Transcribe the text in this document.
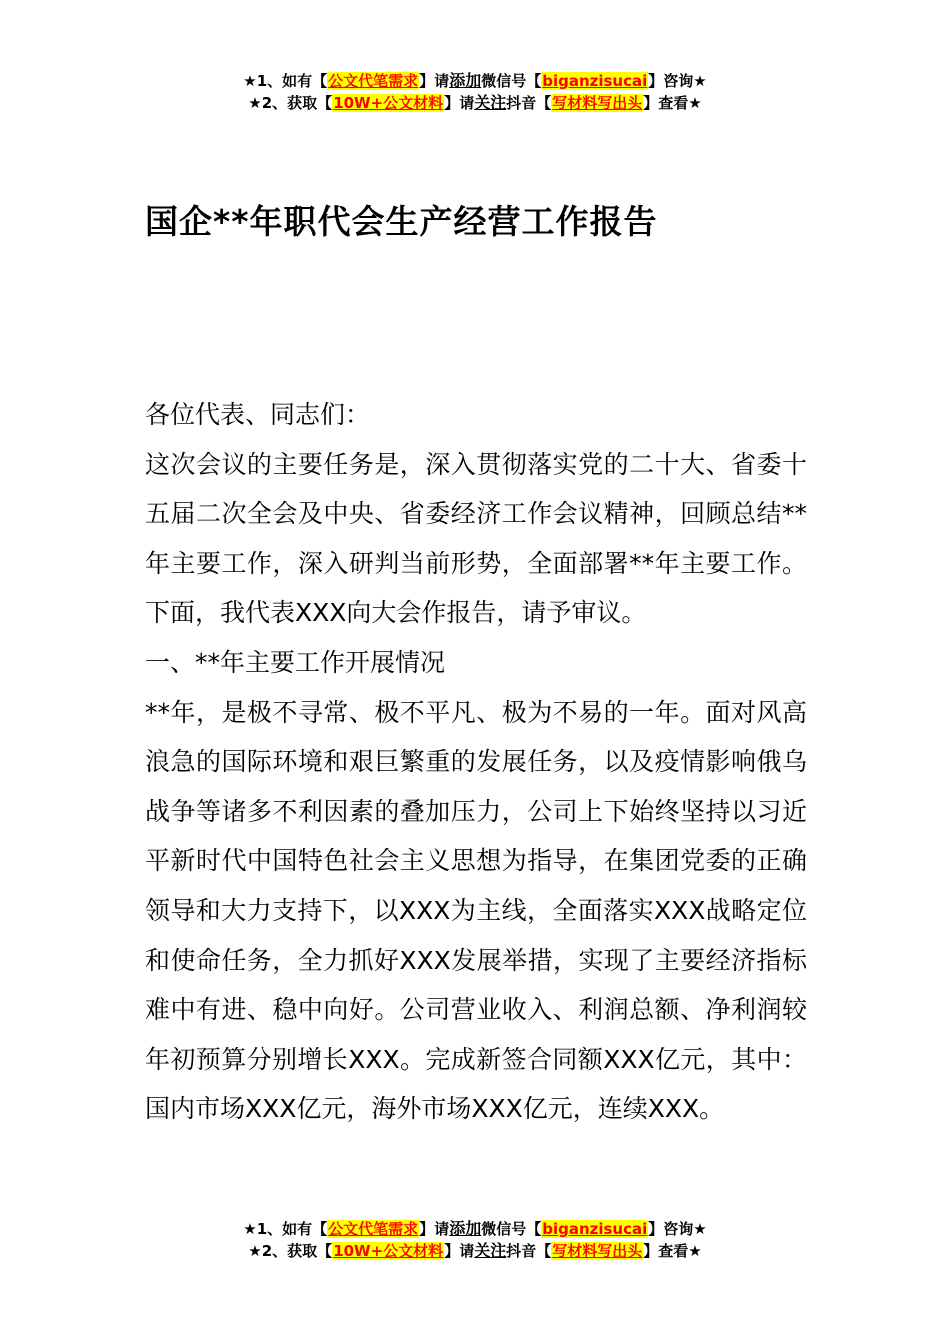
★1、如有【公文代笔需求】请添加微信号【biganzisucai】咨询★
★2、获取【10W+公文材料】请关注抖音【写材料写出头】查看★
国企**年职代会生产经营工作报告

各位代表、同志们：

这次会议的主要任务是，深入贯彻落实党的二十大、省委十五届二次全会及中央、省委经济工作会议精神，回顾总结**年主要工作，深入研判当前形势，全面部署**年主要工作。下面，我代表XXX向大会作报告，请予审议。

一、**年主要工作开展情况

**年，是极不寻常、极不平凡、极为不易的一年。面对风高浪急的国际环境和艰巨繁重的发展任务，以及疫情影响俄乌战争等诸多不利因素的叠加压力，公司上下始终坚持以习近平新时代中国特色社会主义思想为指导，在集团党委的正确领导和大力支持下，以XXX为主线，全面落实XXX战略定位和使命任务，全力抓好XXX发展举措，实现了主要经济指标难中有进、稳中向好。公司营业收入、利润总额、净利润较年初预算分别增长XXX。完成新签合同额XXX亿元，其中：国内市场XXX亿元，海外市场XXX亿元，连续XXX。

★1、如有【公文代笔需求】请添加微信号【biganzisucai】咨询★
★2、获取【10W+公文材料】请关注抖音【写材料写出头】查看★
